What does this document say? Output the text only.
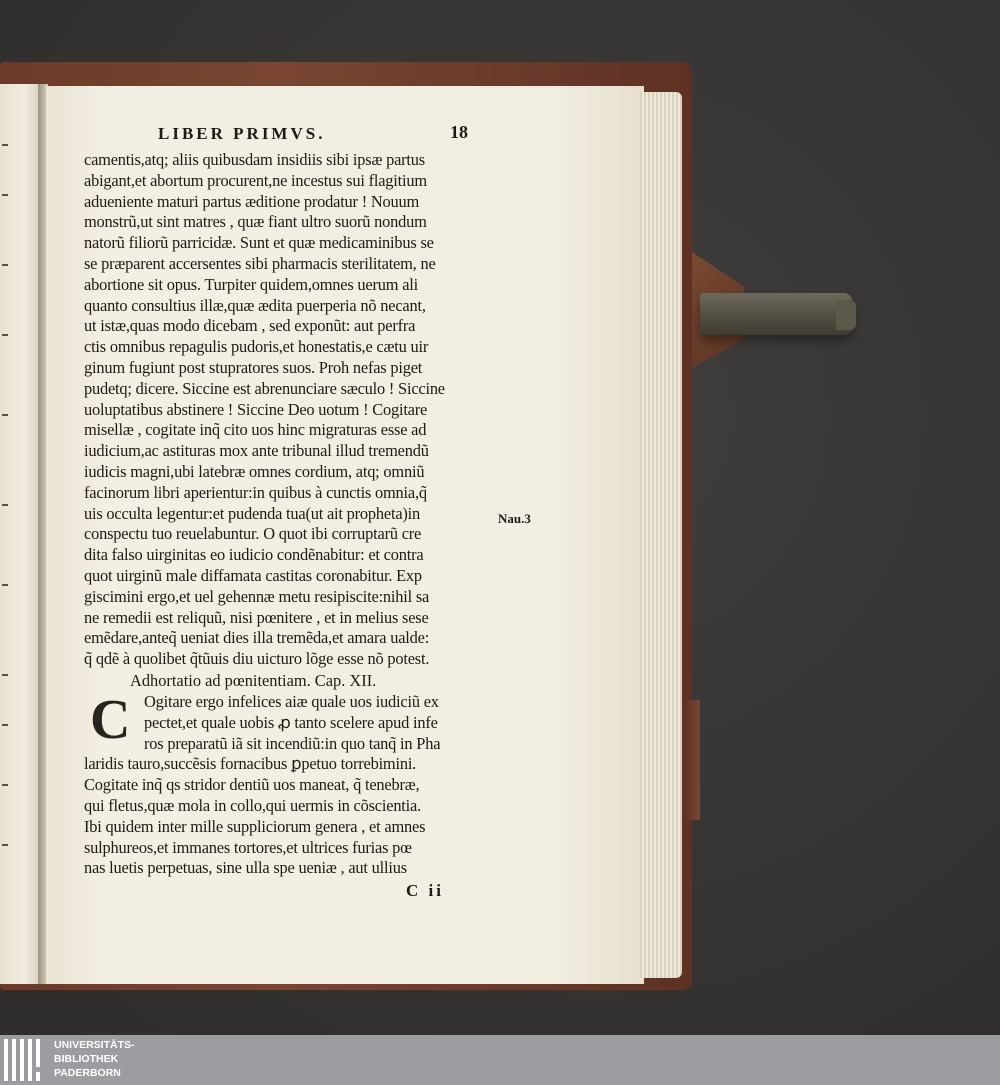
LIBER PRIMVS.	18
camentis,atq; aliis quibusdam insidiis sibi ipsæ partus
abigant,et abortum procurent,ne incestus sui flagitium
adueniente maturi partus æditione prodatur ! Nouum
monstrũ,ut sint matres , quæ fiant ultro suorũ nondum
natorũ filiorũ parricidæ. Sunt et quæ medicaminibus se
se præparent accersentes sibi pharmacis sterilitatem, ne
abortione sit opus. Turpiter quidem,omnes uerum ali
quanto consultius illæ,quæ ædita puerperia nõ necant,
ut istæ,quas modo dicebam , sed exponũt: aut perfra
ctis omnibus repagulis pudoris,et honestatis,e cætu uir
ginum fugiunt post stupratores suos. Proh nefas piget
pudetq; dicere. Siccine est abrenunciare sæculo ! Siccine
uoluptatibus abstinere ! Siccine Deo uotum ! Cogitare
misellæ , cogitate inq̃ cito uos hinc migraturas esse ad
iudicium,ac astituras mox ante tribunal illud tremendũ
iudicis magni,ubi latebræ omnes cordium, atq; omniũ
facinorum libri aperientur:in quibus à cunctis omnia,q̃
uis occulta legentur:et pudenda tua(ut ait propheta)in
conspectu tuo reuelabuntur. O quot ibi corruptarũ cre
dita falso uirginitas eo iudicio condẽnabitur: et contra
quot uirginũ male diffamata castitas coronabitur. Exp
giscimini ergo,et uel gehennæ metu resipiscite:nihil sa
ne remedii est reliquũ, nisi pœnitere , et in melius sese
emẽdare,anteq̃ ueniat dies illa tremẽda,et amara ualde:
q̃ qdẽ à quolibet q̃tũuis diu uicturo lõge esse nõ potest.
Adhortatio ad pœnitentiam. Cap. XII.
C Ogitare ergo infelices aiæ quale uos iudiciũ ex
pectet,et quale uobis ꝓ tanto scelere apud infe
ros preparatũ iã sit incendiũ:in quo tanq̃ in Pha
laridis tauro,succẽsis fornacibus ꝑpetuo torrebimini.
Cogitate inq̃ qs stridor dentiũ uos maneat, q̃ tenebræ,
qui fletus,quæ mola in collo,qui uermis in cõscientia.
Ibi quidem inter mille suppliciorum genera , et amnes
sulphureos,et immanes tortores,et ultrices furias pœ
nas luetis perpetuas, sine ulla spe ueniæ , aut ullius
C ii
Nau.3
UNIVERSITÄTS-
BIBLIOTHEK
PADERBORN
